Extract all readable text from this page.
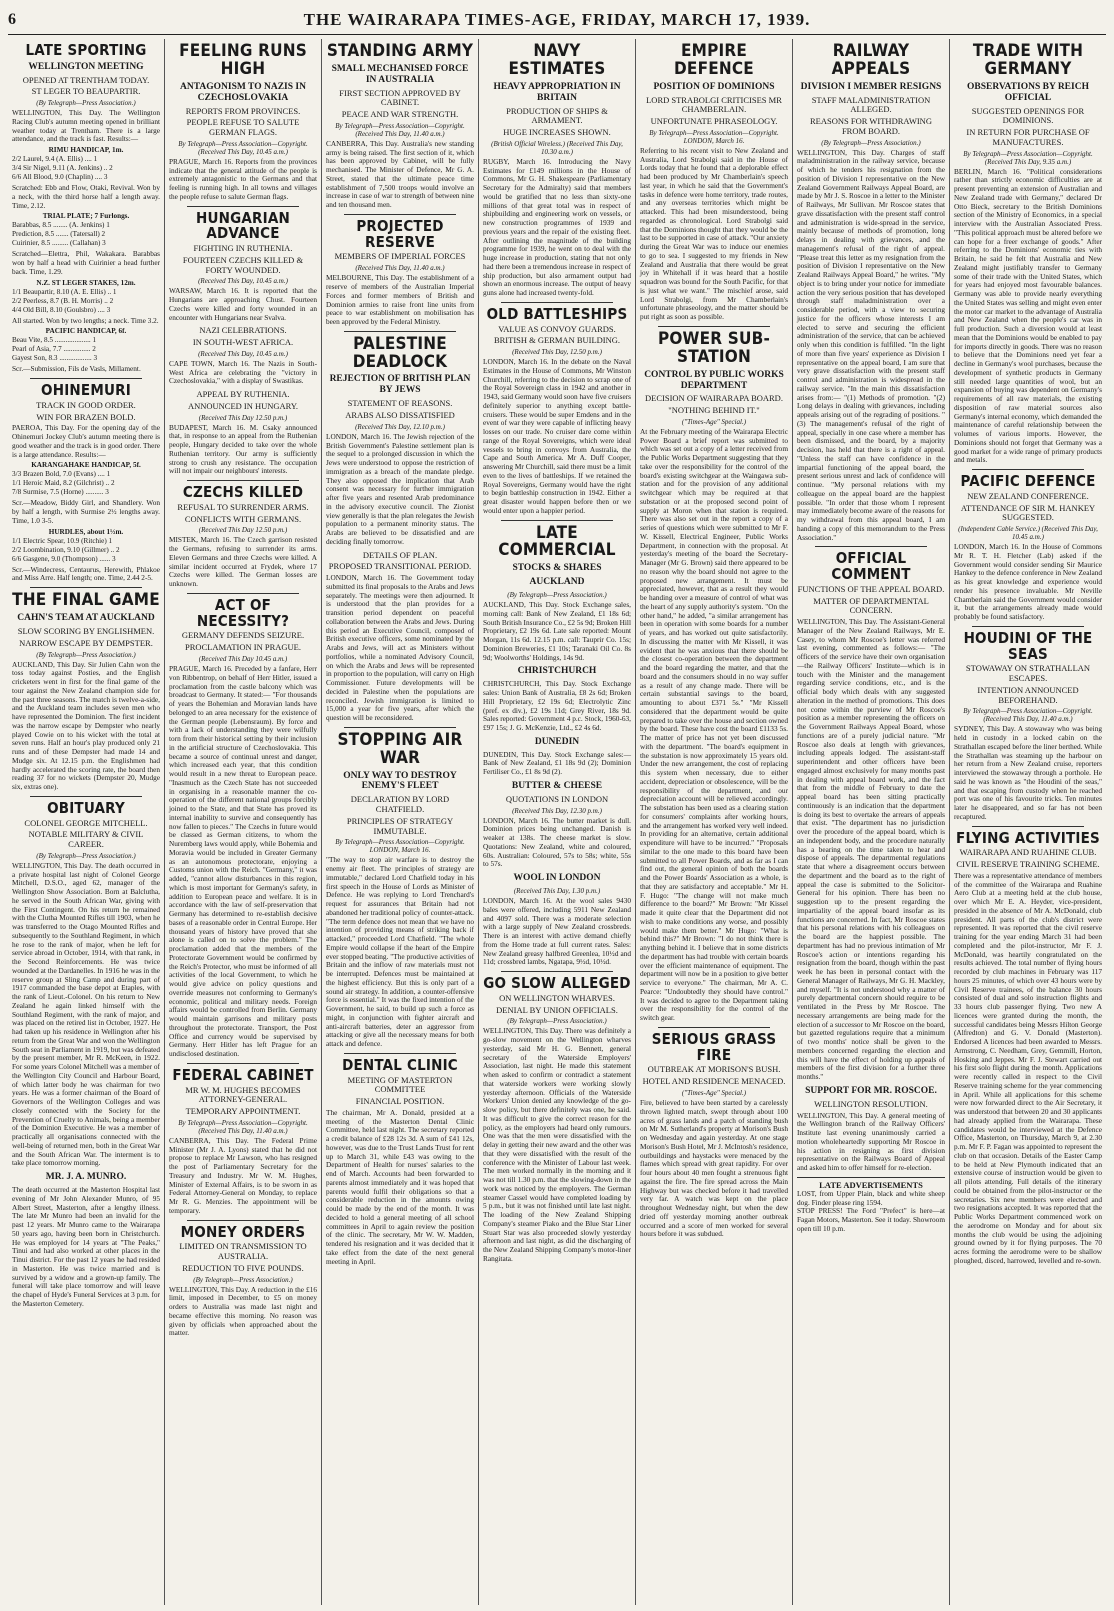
6	THE WAIRARAPA TIMES-AGE, FRIDAY, MARCH 17, 1939.
LATE SPORTING
WELLINGTON MEETING
OPENED AT TRENTHAM TODAY.
ST LEGER TO BEAUPARTIR.
(By Telegraph—Press Association.)
WELLINGTON, This Day. The Wellington Racing Club's autumn meeting opened in brilliant weather today at Trentham. There is a large attendance, and the track is fast. Results:—
RIMU HANDICAP, 1m.
2/2 Laurel, 9.4 (A. Ellis) .... 1
3/4 Sir Nigel, 9.11 (A. Jenkins) .. 2
6/6 All Blood, 9.0 (Chaplin) .... 3
Scratched: Ebb and Flow, Otaki, Revival. Won by a neck, with the third horse half a length away. Time, 2.12.
TRIAL PLATE; 7 Furlongs.
Barabbas, 8.5 ........ (A. Jenkins) 1
Prediction, 8.5 ....... (Tatersall) 2
Cuirinier, 8.5 ......... (Callahan) 3
Scratched—Elettra, Phil, Wakakara. Barabbas won by half a head with Cuirinier a head further back. Time, 1.29.
N.Z. ST LEGER STAKES, 12m.
1/1 Beaupartir, 8.10 (A. E. Ellis) .. 1
2/2 Peerless, 8.7 (B. H. Morris) .. 2
4/4 Old Bill, 8.10 (Goulsbro) .... 3
All started. Won by two lengths; a neck. Time 3.2.
PACIFIC HANDICAP, 6f.
Beau Vite, 8.5 .................... 1
Pearl of Asia, 7.7 ............... 2
Gayest Son, 8.3 .................. 3
Scr.—Submission, Fils de Vasls, Millament.
OHINEMURI
TRACK IN GOOD ORDER.
WIN FOR BRAZEN BOLD.
PAEROA, This Day. For the opening day of the Ohinemuri Jockey Club's autumn meeting there is good weather and the track is in good order. There is a large attendance. Results:—
KARANGAHAKE HANDICAP, 5f.
3/3 Brazen Bold, 7.0 (Evans) .... 1
1/1 Heroic Maid, 8.2 (Gilchrist) .. 2
7/8 Surmise, 7.5 (Horne) .......... 3
Scr.—Meadow, Biddy Girl, and Shandlery. Won by half a length, with Surmise 2½ lengths away. Time, 1.0 3-5.
HURDLES, about 1½m.
1/1 Electric Spear, 10.9 (Ritchie) 1
2/2 Loombination, 9.10 (Gillmer) .. 2
6/6 Gasgene, 9.0 (Thompson) ...... 3
Scr.—Windecress, Centaurus, Herewith, Phlakoe and Miss Arre. Half length; one. Time, 2.44 2-5.
THE FINAL GAME
CAHN'S TEAM AT AUCKLAND
SLOW SCORING BY ENGLISHMEN.
NARROW ESCAPE BY DEMPSTER.
(By Telegraph—Press Association.)
AUCKLAND, This Day. Sir Julien Cahn won the toss today against Posties, and the English cricketers went in first for the final game of the tour against the New Zealand champion side for the past three seasons. The match is twelve-a-side, and the Auckland team includes seven men who have represented the Dominion. The first incident was the narrow escape by Dempster who nearly played Cowie on to his wicket with the total at seven runs. Half an hour's play produced only 21 runs and of these Dempster had made 14 and Mudge six. At 12.15 p.m. the Englishmen had hardly accelerated the scoring rate, the board then reading 37 for no wickets (Dempster 20, Mudge six, extras one).
OBITUARY
COLONEL GEORGE MITCHELL.
NOTABLE MILITARY & CIVIL CAREER.
(By Telegraph—Press Association.)
WELLINGTON, This Day. The death occurred in a private hospital last night of Colonel George Mitchell, D.S.O., aged 62, manager of the Wellington Show Association. Born at Balclutha, he served in the South African War, giving with the First Contingent. On his return he remained with the Clutha Mounted Rifles till 1903, when he was transferred to the Otago Mounted Rifles and subsequently to the Southland Regiment, in which he rose to the rank of major, when he left for service abroad in October, 1914, with that rank, in the Second Reinforcements. He was twice wounded at the Dardanelles. In 1916 he was in the reserve group at Sling Camp and during part of 1917 commanded the base depot at Etaples, with the rank of Lieut.-Colonel. On his return to New Zealand he again linked himself with the Southland Regiment, with the rank of major, and was placed on the retired list in October, 1927. He had taken up his residence in Wellington after his return from the Great War and won the Wellington South seat in Parliament in 1919, but was defeated by the present member, Mr R. McKeen, in 1922. For some years Colonel Mitchell was a member of the Wellington City Council and Harbour Board, of which latter body he was chairman for two years. He was a former chairman of the Board of Governors of the Wellington Colleges and was closely connected with the Society for the Prevention of Cruelty to Animals, being a member of the Dominion Executive. He was a member of practically all organisations connected with the well-being of returned men, both in the Great War and the South African War. The interment is to take place tomorrow morning.
MR. J. A. MUNRO.
The death occurred at the Masterton Hospital last evening of Mr John Alexander Munro, of 95 Albert Street, Masterton, after a lengthy illness. The late Mr Munro had been an invalid for the past 12 years. Mr Munro came to the Wairarapa 50 years ago, having been born in Christchurch. He was employed for 14 years at "The Peaks," Tinui and had also worked at other places in the Tinui district. For the past 12 years he had resided in Masterton. He was twice married and is survived by a widow and a grown-up family. The funeral will take place tomorrow and will leave the chapel of Hyde's Funeral Services at 3 p.m. for the Masterton Cemetery.
FEELING RUNS HIGH
ANTAGONISM TO NAZIS IN CZECHOSLOVAKIA
REPORTS FROM PROVINCES.
PEOPLE REFUSE TO SALUTE GERMAN FLAGS.
By Telegraph—Press Association—Copyright. (Received This Day, 10.45 a.m.)
PRAGUE, March 16. Reports from the provinces indicate that the general attitude of the people is extremely antagonistic to the Germans and that feeling is running high. In all towns and villages the people refuse to salute German flags.
HUNGARIAN ADVANCE
FIGHTING IN RUTHENIA.
FOURTEEN CZECHS KILLED & FORTY WOUNDED.
(Received This Day, 10.45 a.m.)
WARSAW, March 16. It is reported that the Hungarians are approaching Chust. Fourteen Czechs were killed and forty wounded in an encounter with Hungarians near Svalva.
NAZI CELEBRATIONS.
IN SOUTH-WEST AFRICA.
(Received This Day, 10.45 a.m.)
CAPE TOWN, March 16. The Nazis in South-West Africa are celebrating the "victory in Czechoslovakia," with a display of Swastikas.
APPEAL BY RUTHENIA.
ANNOUNCED IN HUNGARY.
(Received This Day 12.50 p.m.)
BUDAPEST, March 16. M. Csaky announced that, in response to an appeal from the Ruthenian people, Hungary decided to take over the whole Ruthenian territory. Our army is sufficiently strong to crush any resistance. The occupation will not impair our neighbours' interests.
CZECHS KILLED
REFUSAL TO SURRENDER ARMS.
CONFLICTS WITH GERMANS.
(Received This Day 12.50 p.m.)
MISTEK, March 16. The Czech garrison resisted the Germans, refusing to surrender its arms. Eleven Germans and three Czechs were killed. A similar incident occurred at Frydek, where 17 Czechs were killed. The German losses are unknown.
ACT OF NECESSITY?
GERMANY DEFENDS SEIZURE.
PROCLAMATION IN PRAGUE.
(Received This Day 10.45 a.m.)
PRAGUE, March 16. Preceded by a fanfare, Herr von Ribbentrop, on behalf of Herr Hitler, issued a proclamation from the castle balcony which was broadcast to Germany. It stated:— "For thousands of years the Bohemian and Moravian lands have belonged to an area necessary for the existence of the German people (Lebensraum). By force and with a lack of understanding they were wilfully torn from their historical setting by their inclusion in the artificial structure of Czechoslovakia. This became a source of continual unrest and danger, which increased each year, that this condition would result in a new threat to European peace. "Inasmuch as the Czech State has not succeeded in organising in a reasonable manner the co-operation of the different national groups forcibly joined to the State, and that State has proved its internal inability to survive and consequently has now fallen to pieces." The Czechs in future would be classed as German citizens, to whom the Nuremberg laws would apply, while Bohemia and Moravia would be included in Greater Germany as an autonomous protectorate, enjoying a Customs union with the Reich. "Germany," it was added, "cannot allow disturbances in this region, which is most important for Germany's safety, in addition to European peace and welfare. It is in accordance with the law of self-preservation that Germany has determined to re-establish decisive bases of a reasonable order in Central Europe. Her thousand years of history have proved that she alone is called on to solve the problem." The proclamation added that the members of the Protectorate Government would be confirmed by the Reich's Protector, who must be informed of all activities of the local Government, to which he would give advice on policy questions and override measures not conforming to Germany's economic, political and military needs. Foreign affairs would be controlled from Berlin. Germany would maintain garrisons and military posts throughout the protectorate. Transport, the Post Office and currency would be supervised by Germany. Herr Hitler has left Prague for an undisclosed destination.
FEDERAL CABINET
MR W. M. HUGHES BECOMES ATTORNEY-GENERAL.
TEMPORARY APPOINTMENT.
By Telegraph—Press Association—Copyright. (Received This Day, 11.40 a.m.)
CANBERRA, This Day. The Federal Prime Minister (Mr J. A. Lyons) stated that he did not propose to replace Mr Lawson, who has resigned the post of Parliamentary Secretary for the Treasury and Industry. Mr W. M. Hughes, Minister of External Affairs, is to be sworn in as Federal Attorney-General on Monday, to replace Mr R. G. Menzies. The appointment will be temporary.
MONEY ORDERS
LIMITED ON TRANSMISSION TO AUSTRALIA.
REDUCTION TO FIVE POUNDS.
(By Telegraph—Press Association.)
WELLINGTON, This Day. A reduction in the £16 limit, imposed in December, to £5 on money orders to Australia was made last night and became effective this morning. No reason was given by officials when approached about the matter.
STANDING ARMY
SMALL MECHANISED FORCE IN AUSTRALIA
FIRST SECTION APPROVED BY CABINET.
PEACE AND WAR STRENGTH.
By Telegraph—Press Association—Copyright. (Received This Day, 11.40 a.m.)
CANBERRA, This Day. Australia's new standing army is being raised. The first section of it, which has been approved by Cabinet, will be fully mechanised. The Minister of Defence, Mr G. A. Street, stated that the ultimate peace time establishment of 7,500 troops would involve an increase in case of war to strength of between nine and ten thousand men.
PROJECTED RESERVE
MEMBERS OF IMPERIAL FORCES
(Received This Day, 11.40 a.m.)
MELBOURNE, This Day. The establishment of a reserve of members of the Australian Imperial Forces and former members of British and Dominion armies to raise front line units from peace to war establishment on mobilisation has been approved by the Federal Ministry.
PALESTINE DEADLOCK
REJECTION OF BRITISH PLAN BY JEWS
STATEMENT OF REASONS.
ARABS ALSO DISSATISFIED
(Received This Day, 12.10 p.m.)
LONDON, March 16. The Jewish rejection of the British Government's Palestine settlement plan is the sequel to a prolonged discussion in which the Jews were understood to oppose the restriction of immigration as a breach of the mandate pledge. They also opposed the implication that Arab consent was necessary for further immigration after five years and resented Arab predominance in the advisory executive council. The Zionist view generally is that the plan relegates the Jewish population to a permanent minority status. The Arabs are believed to be dissatisfied and are deciding finally tomorrow.
DETAILS OF PLAN.
PROPOSED TRANSITIONAL PERIOD.
LONDON, March 16. The Government today submitted its final proposals to the Arabs and Jews separately. The meetings were then adjourned. It is understood that the plan provides for a transition period dependent on peaceful collaboration between the Arabs and Jews. During this period an Executive Council, composed of British executive officers, some nominated by the Arabs and Jews, will act as Ministers without portfolios, while a nominated Advisory Council, on which the Arabs and Jews will be represented in proportion to the population, will carry on High Commissioner. Future developments will be decided in Palestine when the populations are reconciled. Jewish immigration is limited to 15,000 a year for five years, after which the question will be reconsidered.
STOPPING AIR WAR
ONLY WAY TO DESTROY ENEMY'S FLEET
DECLARATION BY LORD CHATFIELD.
PRINCIPLES OF STRATEGY IMMUTABLE.
By Telegraph—Press Association—Copyright. LONDON, March 16.
"The way to stop air warfare is to destroy the enemy air fleet. The principles of strategy are immutable," declared Lord Chatfield today in his first speech in the House of Lords as Minister of Defence. He was replying to Lord Trenchard's request for assurances that Britain had not abandoned her traditional policy of counter-attack. "The term defence does not mean that we have no intention of providing means of striking back if attacked," proceeded Lord Chatfield. "The whole Empire would collapse if the heart of the Empire ever stopped beating. "The productive activities of Britain and the inflow of raw materials must not be interrupted. Defences must be maintained at the highest efficiency. But this is only part of a sound air strategy. In addition, a counter-offensive force is essential." It was the fixed intention of the Government, he said, to build up such a force as might, in conjunction with fighter aircraft and anti-aircraft batteries, deter an aggressor from attacking or give all the necessary means for both attack and defence.
DENTAL CLINIC
MEETING OF MASTERTON COMMITTEE
FINANCIAL POSITION.
The chairman, Mr A. Donald, presided at a meeting of the Masterton Dental Clinic Committee, held last night. The secretary reported a credit balance of £28 12s 3d. A sum of £41 12s, however, was due to the Trust Lands Trust for rent up to March 31, while £43 was owing to the Department of Health for nurses' salaries to the end of March. Accounts had been forwarded to parents almost immediately and it was hoped that parents would fulfil their obligations so that a considerable reduction in the amounts owing could be made by the end of the month. It was decided to hold a general meeting of all school committees in April to again review the position of the clinic. The secretary, Mr W. W. Madden, tendered his resignation and it was decided that it take effect from the date of the next general meeting in April.
NAVY ESTIMATES
HEAVY APPROPRIATION IN BRITAIN
PRODUCTION OF SHIPS & ARMAMENT.
HUGE INCREASES SHOWN.
(British Official Wireless.) (Received This Day, 10.30 a.m.)
RUGBY, March 16. Introducing the Navy Estimates for £149 millions in the House of Commons, Mr G. H. Shakespeare (Parliamentary Secretary for the Admiralty) said that members would be gratified that no less than sixty-one millions of that great total was in respect of shipbuilding and engineering work on vessels, or new construction programmes of 1939 and previous years and the repair of the existing fleet. After outlining the magnitude of the building programme for 1939, he went on to deal with the huge increase in production, stating that not only had there been a tremendous increase in respect of ship production, but also armament output had shown an enormous increase. The output of heavy guns alone had increased twenty-fold.
OLD BATTLESHIPS
VALUE AS CONVOY GUARDS.
BRITISH & GERMAN BUILDING.
(Received This Day, 12.50 p.m.)
LONDON, March 16. In the debate on the Naval Estimates in the House of Commons, Mr Winston Churchill, referring to the decision to scrap one of the Royal Sovereign class in 1942 and another in 1943, said Germany would soon have five cruisers definitely superior to anything except battle-cruisers. These would be super Emdens and in the event of war they were capable of inflicting heavy losses on our trade. No cruiser dare come within range of the Royal Sovereigns, which were ideal vessels to bring in convoys from Australia, the Cape and South America. Mr A. Duff Cooper, answering Mr Churchill, said there must be a limit even to the lives of battleships. If we retained the Royal Sovereigns, Germany would have the right to begin battleship construction in 1942. Either a great disaster would happen before then or we would enter upon a happier period.
LATE COMMERCIAL
STOCKS & SHARES
AUCKLAND
(By Telegraph—Press Association.)
AUCKLAND, This Day. Stock Exchange sales, morning call: Bank of New Zealand, £1 18s 6d; South British Insurance Co., £2 5s 9d; Broken Hill Proprietary, £2 19s 6d. Late sale reported: Mount Morgan, 11s 6d. 12.15 p.m. call: Tauprir Co. 15s; Dominion Breweries, £1 10s; Taranaki Oil Co. 8s 9d; Woolworths' Holdings, 14s 9d.
CHRISTCHURCH
CHRISTCHURCH, This Day. Stock Exchange sales: Union Bank of Australia, £8 2s 6d; Broken Hill Proprietary, £2 19s 6d; Electrolytic Zinc (pref. ex div.), £2 19s 11d; Grey River, 18s 9d. Sales reported: Government 4 p.c. Stock, 1960-63, £97 15s; J. G. McKenzie, Ltd., £2 4s 6d.
DUNEDIN
DUNEDIN, This Day. Stock Exchange sales:—Bank of New Zealand, £1 18s 9d (2); Dominion Fertiliser Co., £1 8s 9d (2).
BUTTER & CHEESE
QUOTATIONS IN LONDON
(Received This Day, 12.30 p.m.)
LONDON, March 16. The butter market is dull. Dominion prices being unchanged. Danish is weaker at 138s. The cheese market is slow. Quotations: New Zealand, white and coloured, 60s. Australian: Coloured, 57s to 58s; white, 55s to 57s.
WOOL IN LONDON
(Received This Day, 1.30 p.m.)
LONDON, March 16. At the wool sales 9430 bales were offered, including 5911 New Zealand and 4097 sold. There was a moderate selection with a large supply of New Zealand crossbreds. There is an interest with active demand chiefly from the Home trade at full current rates. Sales: New Zealand greasy halfbred Greenlea, 10½d and 11d; crossbred lambs, Ngatapa, 9½d, 10½d.
GO SLOW ALLEGED
ON WELLINGTON WHARVES.
DENIAL BY UNION OFFICIALS.
(By Telegraph—Press Association.)
WELLINGTON, This Day. There was definitely a go-slow movement on the Wellington wharves yesterday, said Mr H. G. Bennett, general secretary of the Waterside Employers' Association, last night. He made this statement when asked to confirm or contradict a statement that waterside workers were working slowly yesterday afternoon. Officials of the Waterside Workers' Union denied any knowledge of the go-slow policy, but there definitely was one, he said. It was difficult to give the correct reason for the policy, as the employers had heard only rumours. One was that the men were dissatisfied with the delay in getting their new award and the other was that they were dissatisfied with the result of the conference with the Minister of Labour last week. The men worked normally in the morning and it was not till 1.30 p.m. that the slowing-down in the work was noticed by the employers. The German steamer Cassel would have completed loading by 5 p.m., but it was not finished until late last night. The loading of the New Zealand Shipping Company's steamer Piako and the Blue Star Liner Stuart Star was also proceeded slowly yesterday afternoon and last night, as did the discharging of the New Zealand Shipping Company's motor-liner Rangitata.
EMPIRE DEFENCE
POSITION OF DOMINIONS
LORD STRABOLGI CRITICISES MR CHAMBERLAIN.
UNFORTUNATE PHRASEOLOGY.
By Telegraph—Press Association—Copyright. LONDON, March 16.
Referring to his recent visit to New Zealand and Australia, Lord Strabolgi said in the House of Lords today that he found that a deplorable effect had been produced by Mr Chamberlain's speech last year, in which he said that the Government's tasks in defence were home territory, trade routes, and any overseas territories which might be attacked. This had been misunderstood, being regarded as chronological. Lord Strabolgi said that the Dominions thought that they would be the last to be supported in case of attack. "Our anxiety during the Great War was to induce our enemies to go to sea. I suggested to my friends in New Zealand and Australia that there would be great joy in Whitehall if it was heard that a hostile squadron was bound for the South Pacific, for that is just what we want." The mischief arose, said Lord Strabolgi, from Mr Chamberlain's unfortunate phraseology, and the matter should be put right as soon as possible.
POWER SUB-STATION
CONTROL BY PUBLIC WORKS DEPARTMENT
DECISION OF WAIRARAPA BOARD.
"NOTHING BEHIND IT."
("Times-Age" Special.)
At the February meeting of the Wairarapa Electric Power Board a brief report was submitted to which was set out a copy of a letter received from the Public Works Department suggesting that they take over the responsibility for the control of the board's existing switchgear at the Waingawa sub-station and for the provision of any additional switchgear which may be required at that substation or at the proposed second point of supply at Moron when that station is required. There was also set out in the report a copy of a series of questions which were submitted to Mr F. W. Kissell, Electrical Engineer, Public Works Department, in connection with the proposal. At yesterday's meeting of the board the Secretary-Manager (Mr G. Brown) said there appeared to be no reason why the board should not agree to the proposed new arrangement. It must be appreciated, however, that as a result they would be handing over a measure of control of what was the heart of any supply authority's system. "On the other hand," he added, "a similar arrangement has been in operation with some boards for a number of years, and has worked out quite satisfactorily. In discussing the matter with Mr Kissell, it was evident that he was anxious that there should be the closest co-operation between the department and the board regarding the matter, and that the board and the consumers should in no way suffer as a result of any change made. There will be certain substantial savings to the board, amounting to about £371 5s." "Mr Kissell considered that the department would be quite prepared to take over the house and section owned by the board. These have cost the board £1133 5s. The matter of price has not yet been discussed with the department. "The board's equipment in the substation is now approximately 15 years old. Under the new arrangement, the cost of replacing this system when necessary, due to either accident, depreciation or obsolescence, will be the responsibility of the department, and our depreciation account will be relieved accordingly. The substation has been used as a clearing station for consumers' complaints after working hours, and the arrangement has worked very well indeed. In providing for an alternative, certain additional expenditure will have to be incurred." "Proposals similar to the one made to this board have been submitted to all Power Boards, and as far as I can find out, the general opinion of both the boards and the Power Boards' Association as a whole, is that they are satisfactory and acceptable." Mr H. F. Hugo: "The change will not make much difference to the board?" Mr Brown: "Mr Kissel made it quite clear that the Department did not wish to make conditions any worse, and possibly would make them better." Mr Hugo: "What is behind this?" Mr Brown: "I do not think there is anything behind it. I believe that in some districts the department has had trouble with certain boards over the efficient maintenance of equipment. The department will now be in a position to give better service to everyone." The chairman, Mr A. C. Pearce: "Undoubtedly they should have control." It was decided to agree to the Department taking over the responsibility for the control of the switch gear.
SERIOUS GRASS FIRE
OUTBREAK AT MORISON'S BUSH.
HOTEL AND RESIDENCE MENACED.
("Times-Age" Special.)
Fire, believed to have been started by a carelessly thrown lighted match, swept through about 100 acres of grass lands and a patch of standing bush on Mr M. Sutherland's property at Morison's Bush on Wednesday and again yesterday. At one stage Morison's Bush Hotel, Mr J. McIntosh's residence, outbuildings and haystacks were menaced by the flames which spread with great rapidity. For over four hours about 40 men fought a strenuous fight against the fire. The fire spread across the Main Highway but was checked before it had travelled very far. A watch was kept on the place throughout Wednesday night, but when the dew dried off yesterday morning another outbreak occurred and a score of men worked for several hours before it was subdued.
RAILWAY APPEALS
DIVISION I MEMBER RESIGNS
STAFF MALADMINISTRATION ALLEGED.
REASONS FOR WITHDRAWING FROM BOARD.
(By Telegraph—Press Association.)
WELLINGTON, This Day. Charges of staff maladministration in the railway service, because of which he tenders his resignation from the position of Division I representative on the New Zealand Government Railways Appeal Board, are made by Mr J. S. Roscoe in a letter to the Minister of Railways, Mr Sullivan. Mr Roscoe states that grave dissatisfaction with the present staff control and administration is wide-spread in the service, mainly because of methods of promotion, long delays in dealing with grievances, and the management's refusal of the right of appeal. "Please treat this letter as my resignation from the position of Division I representative on the New Zealand Railways Appeal Board," he writes. "My object is to bring under your notice for immediate action the very serious position that has developed through staff maladministration over a considerable period, with a view to securing justice for the officers whose interests I am elected to serve and securing the efficient administration of the service, that can be achieved only when this condition is fulfilled. "In the light of more than five years' experience as Division I representative on the appeal board, I am sure that very grave dissatisfaction with the present staff control and administration is widespread in the railway service. "In the main this dissatisfaction arises from:— "(1) Methods of promotion. "(2) Long delays in dealing with grievances, including appeals arising out of the regrading of positions. "(3) The management's refusal of the right of appeal, specially in one case where a member has been dismissed, and the board, by a majority decision, has held that there is a right of appeal. "Unless the staff can have confidence in the impartial functioning of the appeal board, the present serious unrest and lack of confidence will continue. "My personal relations with my colleague on the appeal board are the happiest possible. "In order that those whom I represent may immediately become aware of the reasons for my withdrawal from this appeal board, I am handing a copy of this memorandum to the Press Association."
OFFICIAL COMMENT
FUNCTIONS OF THE APPEAL BOARD.
MATTER OF DEPARTMENTAL CONCERN.
WELLINGTON, This Day. The Assistant-General Manager of the New Zealand Railways, Mr E. Casey, to whom Mr Roscoe's letter was referred last evening, commented as follows:— "The officers of the service have their own organisation—the Railway Officers' Institute—which is in touch with the Minister and the management regarding service conditions, etc., and is the official body which deals with any suggested alteration in the method of promotions. This does not come within the purview of Mr Roscoe's position as a member representing the officers on the Government Railways Appeal Board, whose functions are of a purely judicial nature. "Mr Roscoe also deals at length with grievances, including appeals lodged. The assistant-staff superintendent and other officers have been engaged almost exclusively for many months past in dealing with appeal board work, and the fact that from the middle of February to date the appeal board has been sitting practically continuously is an indication that the department is doing its best to overtake the arrears of appeals that exist. "The department has no jurisdiction over the procedure of the appeal board, which is an independent body, and the procedure naturally has a bearing on the time taken to hear and dispose of appeals. The departmental regulations state that where a disagreement occurs between the department and the board as to the right of appeal the case is submitted to the Solicitor-General for his opinion. There has been no suggestion up to the present regarding the impartiality of the appeal board insofar as its functions are concerned. In fact, Mr Roscoe states that his personal relations with his colleagues on the board are the happiest possible. The department has had no previous intimation of Mr Roscoe's action or intentions regarding his resignation from the board, though within the past week he has been in personal contact with the General Manager of Railways, Mr G. H. Mackley, and myself. "It is not understood why a matter of purely departmental concern should require to be ventilated in the Press by Mr Roscoe. The necessary arrangements are being made for the election of a successor to Mr Roscoe on the board, but gazetted regulations require that a minimum of two months' notice shall be given to the members concerned regarding the election and this will have the effect of holding up appeals of members of the first division for a further three months."
SUPPORT FOR MR. ROSCOE.
WELLINGTON RESOLUTION.
WELLINGTON, This Day. A general meeting of the Wellington branch of the Railway Officers' Institute last evening unanimously carried a motion wholeheartedly supporting Mr Roscoe in his action in resigning as first division representative on the Railways Board of Appeal and asked him to offer himself for re-election.
LATE ADVERTISEMENTS
LOST, from Upper Plain, black and white sheep dog. Finder please ring 1594.
STOP PRESS! The Ford "Prefect" is here—at Fagan Motors, Masterton. See it today. Showroom open till 10 p.m.
TRADE WITH GERMANY
OBSERVATIONS BY REICH OFFICIAL
SUGGESTED OPENINGS FOR DOMINIONS.
IN RETURN FOR PURCHASE OF MANUFACTURES.
By Telegraph—Press Association—Copyright. (Received This Day, 9.35 a.m.)
BERLIN, March 16. "Political considerations rather than strictly economic difficulties are at present preventing an extension of Australian and New Zealand trade with Germany," declared Dr Otto Bieck, secretary to the British Dominions section of the Ministry of Economics, in a special interview with the Australian Associated Press. "This political approach must be altered before we can hope for a freer exchange of goods." After referring to the Dominions' economic ties with Britain, he said he felt that Australia and New Zealand might justifiably transfer to Germany some of their trade with the United States, which for years had enjoyed most favourable balances. Germany was able to provide nearly everything the United States was selling and might even enter the motor car market to the advantage of Australia and New Zealand when the people's car was in full production. Such a diversion would at least mean that the Dominions would be enabled to pay for imports directly in goods. There was no reason to believe that the Dominions need yet fear a decline in Germany's wool purchases, because the development of synthetic products in Germany still needed large quantities of wool, but an expansion of buying was dependent on Germany's requirements of all raw materials, the existing disposition of raw material sources also Germany's internal economy, which demanded the maintenance of careful relationship between the volumes of various imports. However, the Dominions should not forget that Germany was a good market for a wide range of primary products and metals.
PACIFIC DEFENCE
NEW ZEALAND CONFERENCE.
ATTENDANCE OF SIR M. HANKEY SUGGESTED.
(Independent Cable Service.) (Received This Day, 10.45 a.m.)
LONDON, March 16. In the House of Commons Mr R. T. H. Fletcher (Lab) asked if the Government would consider sending Sir Maurice Hankey to the defence conference in New Zealand as his great knowledge and experience would render his presence invaluable. Mr Neville Chamberlain said the Government would consider it, but the arrangements already made would probably be found satisfactory.
HOUDINI OF THE SEAS
STOWAWAY ON STRATHALLAN ESCAPES.
INTENTION ANNOUNCED BEFOREHAND.
By Telegraph—Press Association—Copyright. (Received This Day, 11.40 a.m.)
SYDNEY, This Day. A stowaway who was being held in custody in a locked cabin on the Strathallan escaped before the liner berthed. While the Strathallan was steaming up the harbour on her return from a New Zealand cruise, reporters interviewed the stowaway through a porthole. He said he was known as "the Houdini of the seas," and that escaping from custody when he reached port was one of his favourite tricks. Ten minutes later he disappeared, and so far has not been recaptured.
FLYING ACTIVITIES
WAIRARAPA AND RUAHINE CLUB.
CIVIL RESERVE TRAINING SCHEME.
There was a representative attendance of members of the committee of the Wairarapa and Ruahine Aero Club at a meeting held at the club house, over which Mr E. A. Heyder, vice-president, presided in the absence of Mr A. McDonald, club president. All parts of the club's district were represented. It was reported that the civil reserve training for the year ending March 31 had been completed and the pilot-instructor, Mr F. J. McDonald, was heartily congratulated on the results achieved. The total number of flying hours recorded by club machines in February was 117 hours 25 minutes, of which over 43 hours were by Civil Reserve trainees, of the balance 30 hours consisted of dual and solo instruction flights and 33 hours club passenger flying. Two new A licences were granted during the month, the successful candidates being Messrs Hilton George (Alfredton) and G. V. Donald (Masterton). Endorsed A licences had been awarded to Messrs. Armstrong, C. Needham, Grey, Gemmill, Horton, Hosking and Jeppes. Mr F. J. Stewart carried out his first solo flight during the month. Applications were recently called in respect to the Civil Reserve training scheme for the year commencing in April. While all applications for this scheme were now forwarded direct to the Air Secretary, it was understood that between 20 and 30 applicants had already applied from the Wairarapa. These candidates would be interviewed at the Defence Office, Masterton, on Thursday, March 9, at 2.30 p.m. Mr F. P. Fagan was appointed to represent the club on that occasion. Details of the Easter Camp to be held at New Plymouth indicated that an extensive course of instruction would be given to all pilots attending. Full details of the itinerary could be obtained from the pilot-instructor or the secretaries. Six new members were elected and two resignations accepted. It was reported that the Public Works Department commenced work on the aerodrome on Monday and for about six months the club would be using the adjoining ground owned by it for flying purposes. The 70 acres forming the aerodrome were to be shallow ploughed, disced, harrowed, levelled and re-sown.
